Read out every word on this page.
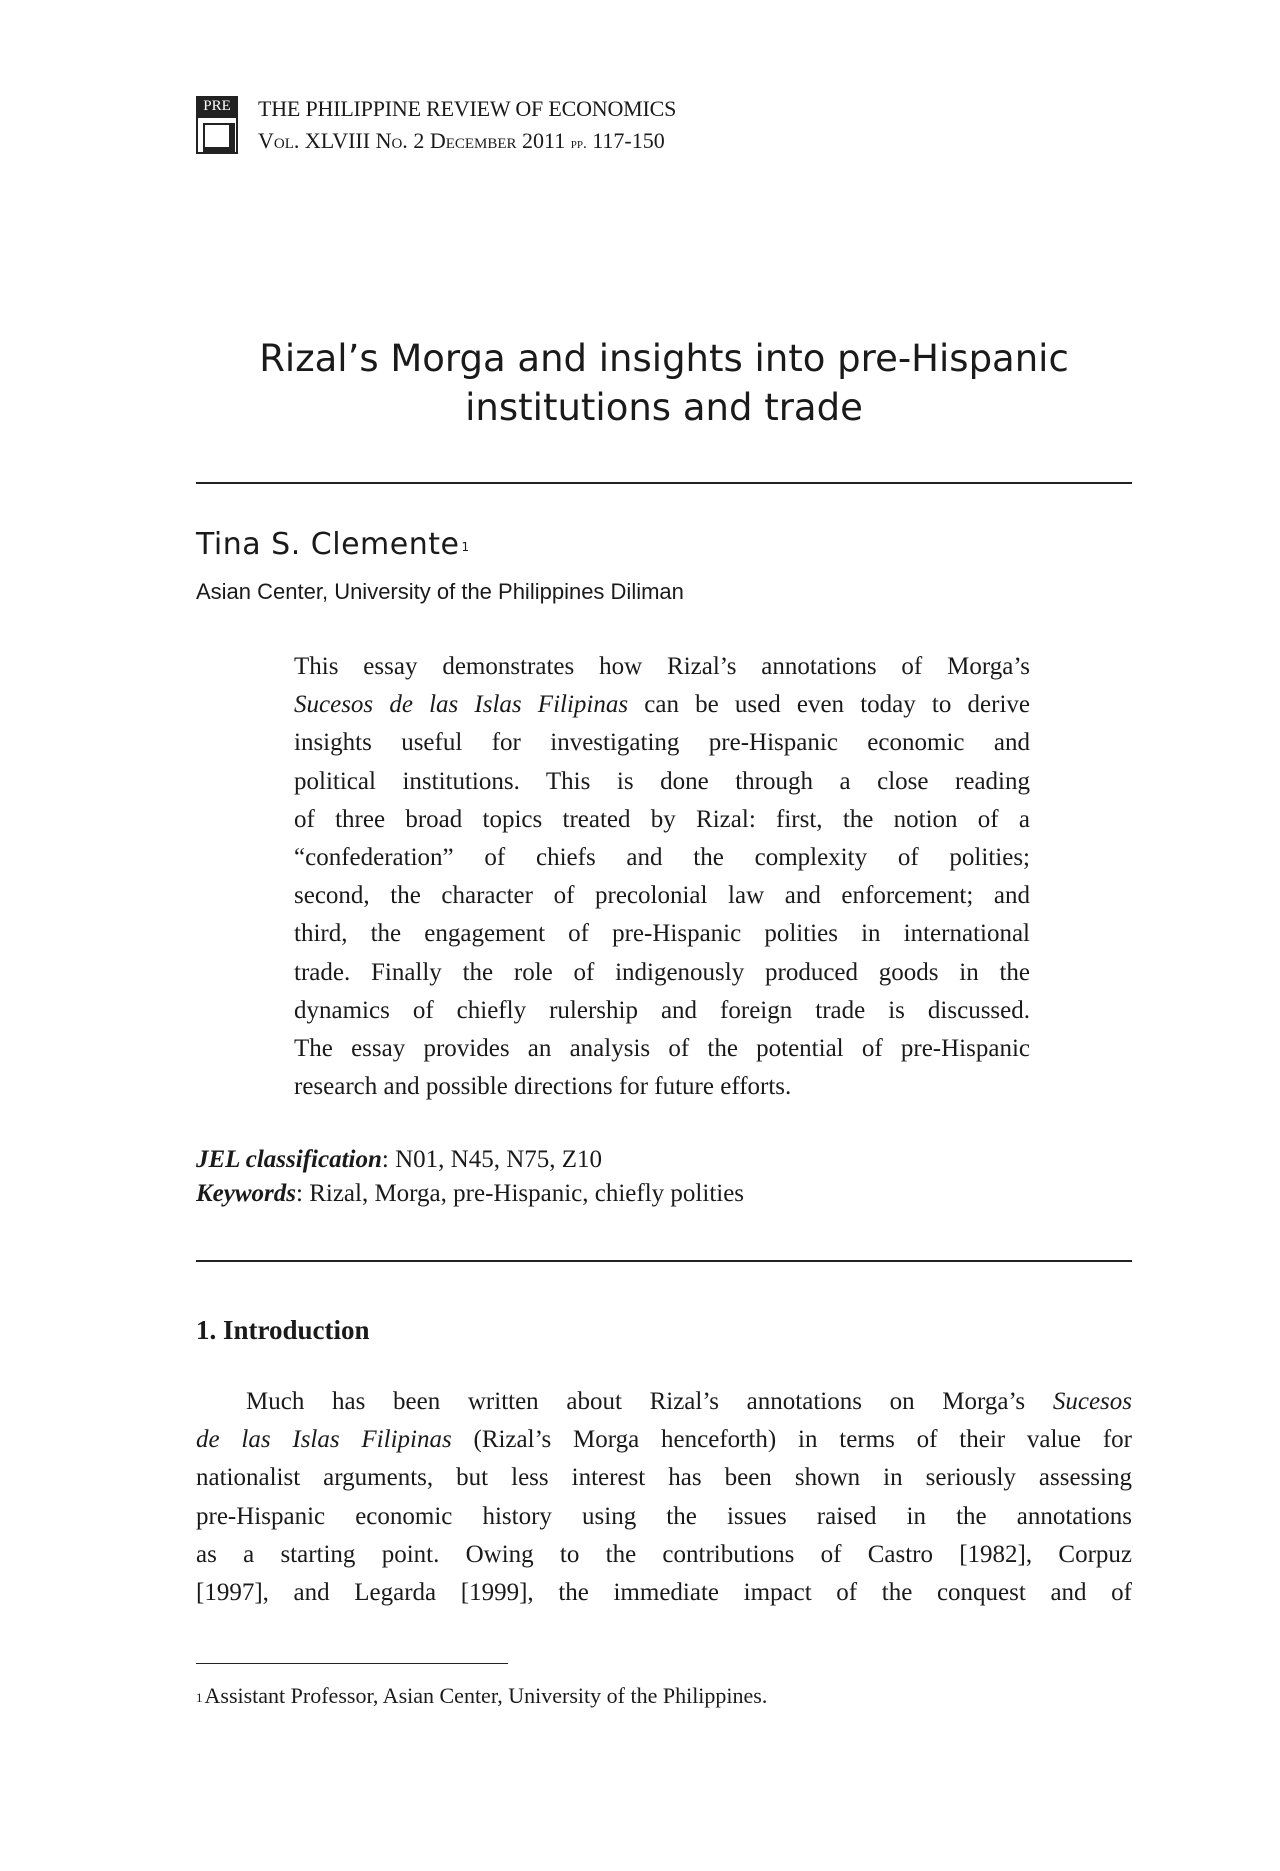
PRE	THE PHILIPPINE REVIEW OF ECONOMICS
Vol. XLVIII No. 2 December 2011 pp. 117-150
Rizal’s Morga and insights into pre-Hispanic
institutions and trade
Tina S. Clemente $^1$
Asian Center, University of the Philippines Diliman
This essay demonstrates how Rizal’s annotations of Morga’s
Sucesos de las Islas Filipinas can be used even today to derive
insights useful for investigating pre-Hispanic economic and
political institutions. This is done through a close reading
of three broad topics treated by Rizal: first, the notion of a
“confederation” of chiefs and the complexity of polities;
second, the character of precolonial law and enforcement; and
third, the engagement of pre-Hispanic polities in international
trade. Finally the role of indigenously produced goods in the
dynamics of chiefly rulership and foreign trade is discussed.
The essay provides an analysis of the potential of pre-Hispanic
research and possible directions for future efforts.
JEL classification: N01, N45, N75, Z10
Keywords: Rizal, Morga, pre-Hispanic, chiefly polities
1. Introduction
Much has been written about Rizal’s annotations on Morga’s Sucesos
de las Islas Filipinas (Rizal’s Morga henceforth) in terms of their value for
nationalist arguments, but less interest has been shown in seriously assessing
pre-Hispanic economic history using the issues raised in the annotations
as a starting point. Owing to the contributions of Castro [1982], Corpuz
[1997], and Legarda [1999], the immediate impact of the conquest and of
$^1$Assistant Professor, Asian Center, University of the Philippines.
